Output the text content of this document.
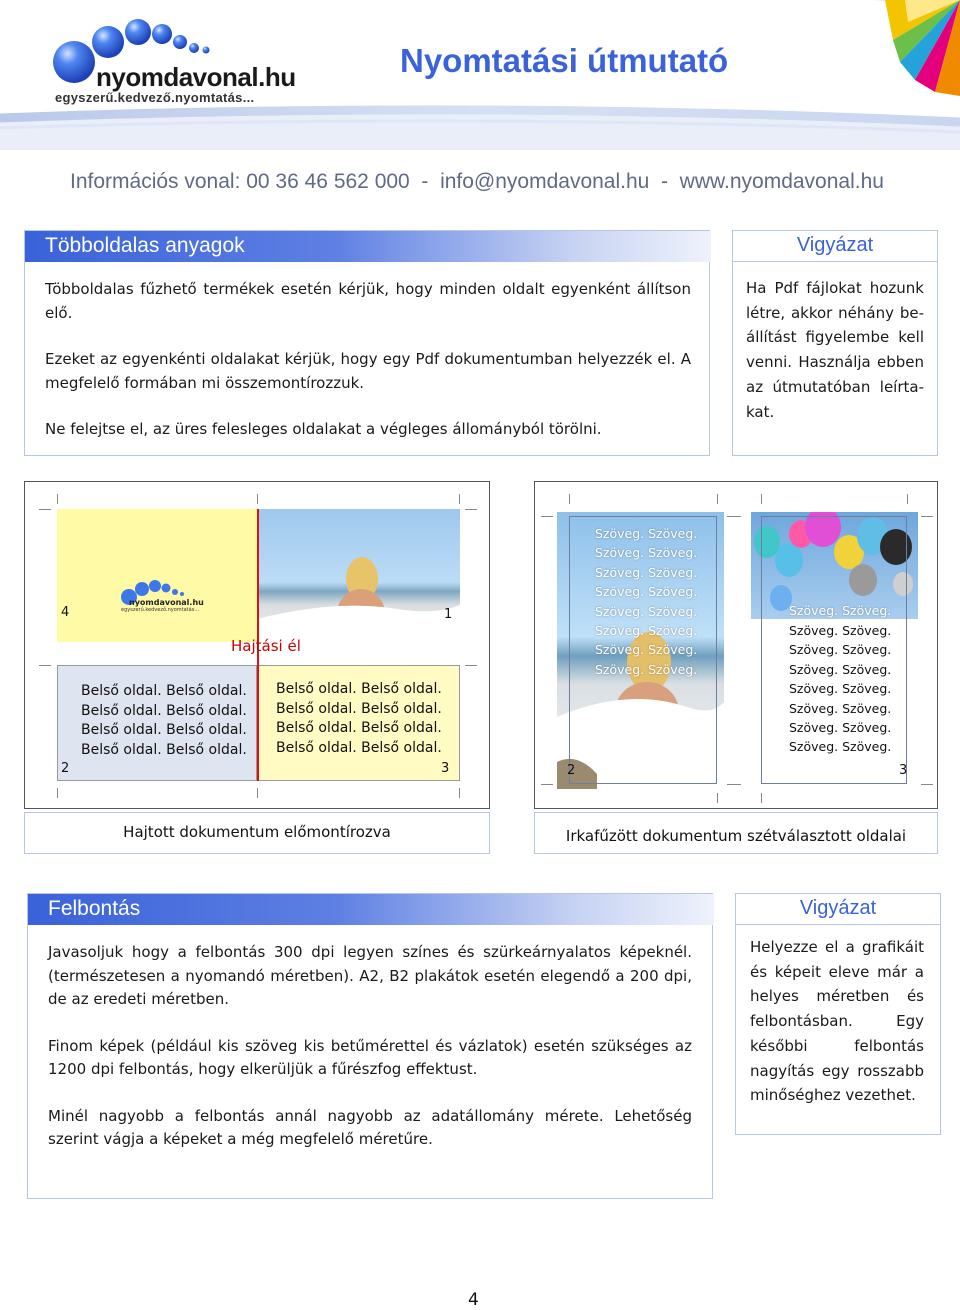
nyomdavonal.hu
egyszerű.kedvező.nyomtatás...
Nyomtatási útmutató
Információs vonal: 00 36 46 562 000  -  info@nyomdavonal.hu  -  www.nyomdavonal.hu
Többoldalas anyagok

Többoldalas fűzhető termékek esetén kérjük, hogy minden oldalt egyenként állítson elő.

Ezeket az egyenkénti oldalakat kérjük, hogy egy Pdf dokumentumban helyezzék el. A megfelelő formában mi összemontírozzuk.

Ne felejtse el, az üres felesleges oldalakat a végleges állományból törölni.

Vigyázat
Ha Pdf fájlokat hozunk létre, akkor néhány beállítást figyelembe kell venni. Használja ebben az útmutatóban leírtakat.
Hajtási él
nyomdavonal.hu
egyszerű.kedvező.nyomtatás...
4	1
2	3
Belső oldal. Belső oldal.
Belső oldal. Belső oldal.
Belső oldal. Belső oldal.
Belső oldal. Belső oldal.
Belső oldal. Belső oldal.
Belső oldal. Belső oldal.
Belső oldal. Belső oldal.
Belső oldal. Belső oldal.
Hajtott dokumentum előmontírozva
Szöveg. Szöveg.
Szöveg. Szöveg.
Szöveg. Szöveg.
Szöveg. Szöveg.
Szöveg. Szöveg.
Szöveg. Szöveg.
Szöveg. Szöveg.
Szöveg. Szöveg.
Szöveg. Szöveg.
Szöveg. Szöveg.
Szöveg. Szöveg.
Szöveg. Szöveg.
Szöveg. Szöveg.
Szöveg. Szöveg.
Szöveg. Szöveg.
Szöveg. Szöveg.
2	3
Irkafűzött dokumentum szétválasztott oldalai
Felbontás

Javasoljuk hogy a felbontás 300 dpi legyen színes és szürkeárnyalatos képeknél. (természetesen a nyomandó méretben). A2, B2 plakátok esetén elegendő a 200 dpi, de az eredeti méretben.

Finom képek (például kis szöveg kis betűmérettel és vázlatok) esetén szükséges az 1200 dpi felbontás, hogy elkerüljük a fűrészfog effektust.

Minél nagyobb a felbontás annál nagyobb az adatállomány mérete. Lehetőség szerint vágja a képeket a még megfelelő méretűre.

Vigyázat
Helyezze el a grafikáit és képeit eleve már a helyes méretben és felbontásban. Egy későbbi felbontás nagyítás egy rosszabb minőséghez vezethet.
4
